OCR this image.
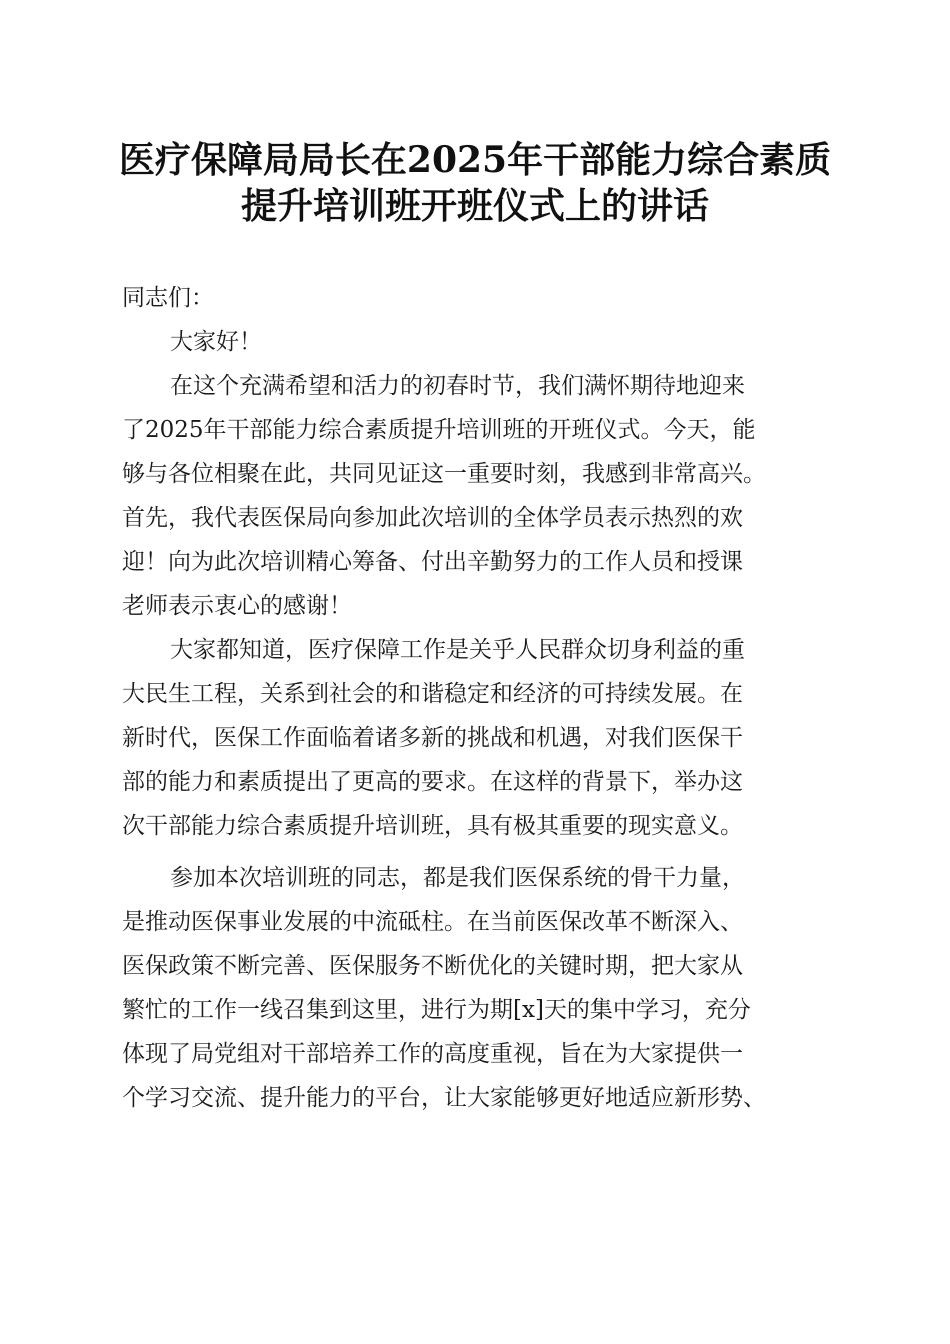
医疗保障局局长在2025年干部能力综合素质
提升培训班开班仪式上的讲话
同志们：
大家好！
在这个充满希望和活力的初春时节，我们满怀期待地迎来
了2025年干部能力综合素质提升培训班的开班仪式。今天，能
够与各位相聚在此，共同见证这一重要时刻，我感到非常高兴。
首先，我代表医保局向参加此次培训的全体学员表示热烈的欢
迎！向为此次培训精心筹备、付出辛勤努力的工作人员和授课
老师表示衷心的感谢！
大家都知道，医疗保障工作是关乎人民群众切身利益的重
大民生工程，关系到社会的和谐稳定和经济的可持续发展。在
新时代，医保工作面临着诸多新的挑战和机遇，对我们医保干
部的能力和素质提出了更高的要求。在这样的背景下，举办这
次干部能力综合素质提升培训班，具有极其重要的现实意义。
参加本次培训班的同志，都是我们医保系统的骨干力量，
是推动医保事业发展的中流砥柱。在当前医保改革不断深入、
医保政策不断完善、医保服务不断优化的关键时期，把大家从
繁忙的工作一线召集到这里，进行为期[x]天的集中学习，充分
体现了局党组对干部培养工作的高度重视，旨在为大家提供一
个学习交流、提升能力的平台，让大家能够更好地适应新形势、
